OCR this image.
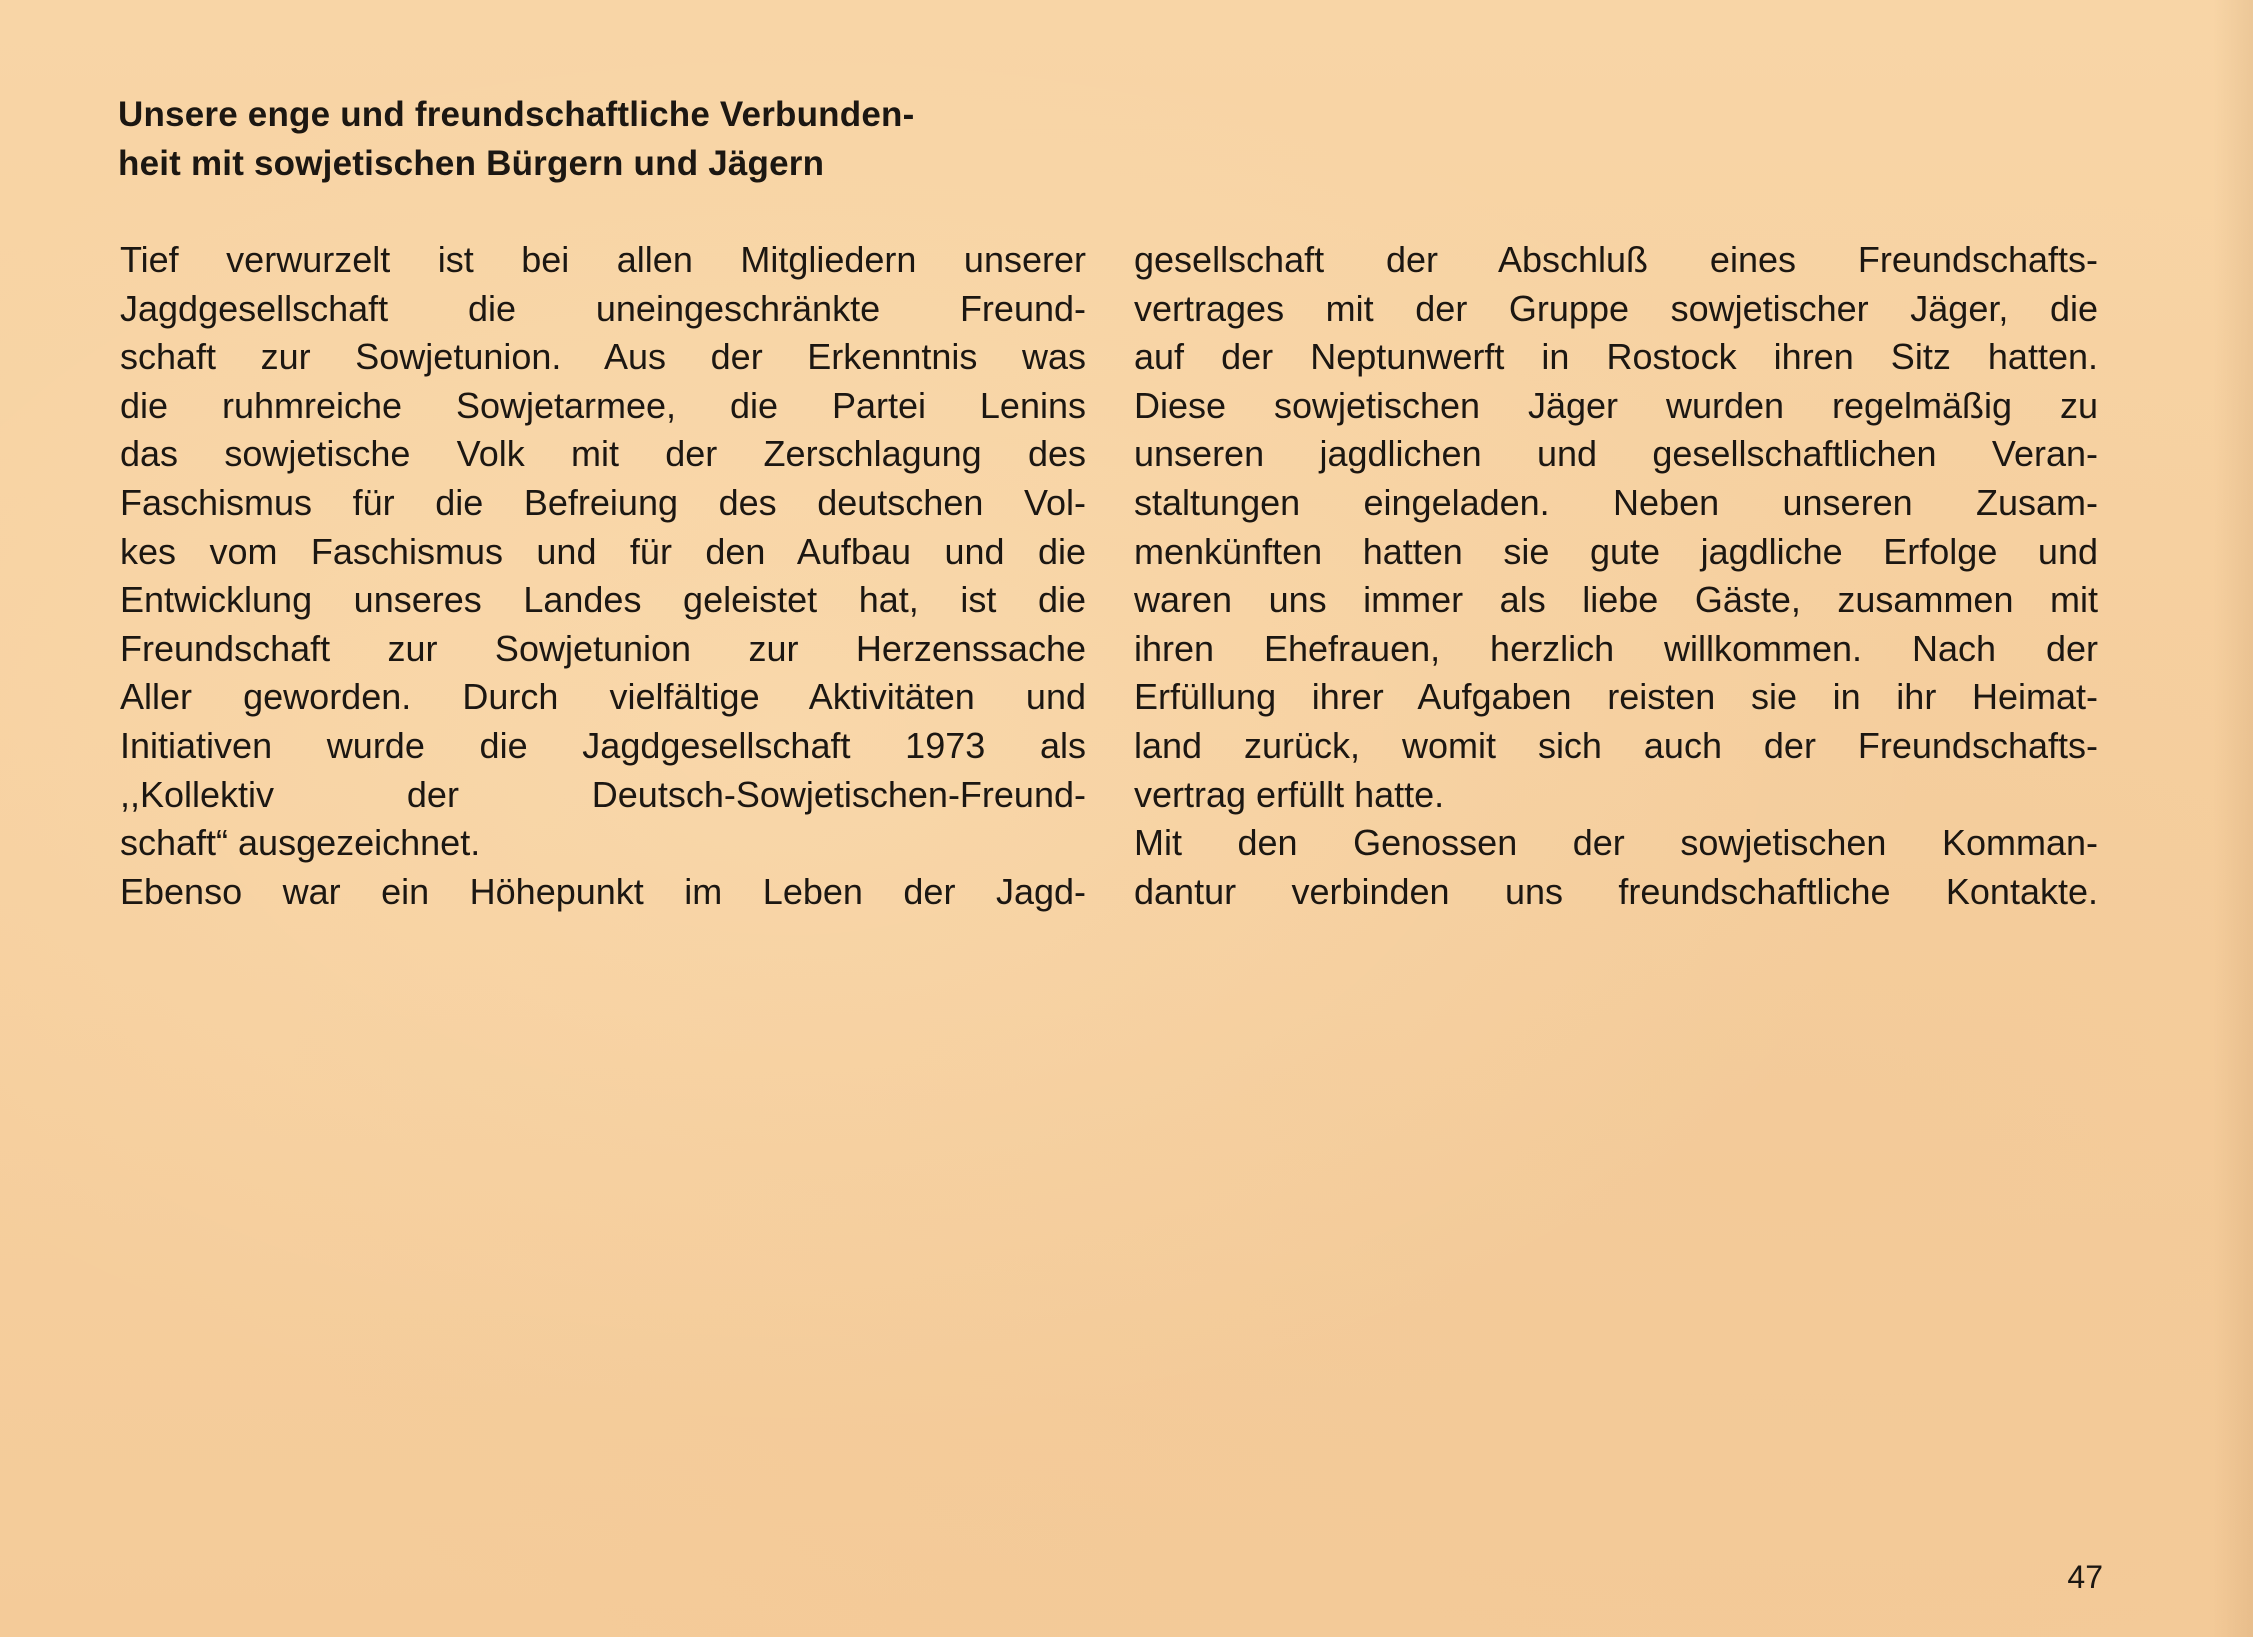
Unsere enge und freundschaftliche Verbunden-
heit mit sowjetischen Bürgern und Jägern
Tief verwurzelt ist bei allen Mitgliedern unserer
Jagdgesellschaft die uneingeschränkte Freund-
schaft zur Sowjetunion. Aus der Erkenntnis was
die ruhmreiche Sowjetarmee, die Partei Lenins
das sowjetische Volk mit der Zerschlagung des
Faschismus für die Befreiung des deutschen Vol-
kes vom Faschismus und für den Aufbau und die
Entwicklung unseres Landes geleistet hat, ist die
Freundschaft zur Sowjetunion zur Herzenssache
Aller geworden. Durch vielfältige Aktivitäten und
Initiativen wurde die Jagdgesellschaft 1973 als
,,Kollektiv der Deutsch-Sowjetischen-Freund-
schaft“ ausgezeichnet.
Ebenso war ein Höhepunkt im Leben der Jagd-
gesellschaft der Abschluß eines Freundschafts-
vertrages mit der Gruppe sowjetischer Jäger, die
auf der Neptunwerft in Rostock ihren Sitz hatten.
Diese sowjetischen Jäger wurden regelmäßig zu
unseren jagdlichen und gesellschaftlichen Veran-
staltungen eingeladen. Neben unseren Zusam-
menkünften hatten sie gute jagdliche Erfolge und
waren uns immer als liebe Gäste, zusammen mit
ihren Ehefrauen, herzlich willkommen. Nach der
Erfüllung ihrer Aufgaben reisten sie in ihr Heimat-
land zurück, womit sich auch der Freundschafts-
vertrag erfüllt hatte.
Mit den Genossen der sowjetischen Komman-
dantur verbinden uns freundschaftliche Kontakte.
47
